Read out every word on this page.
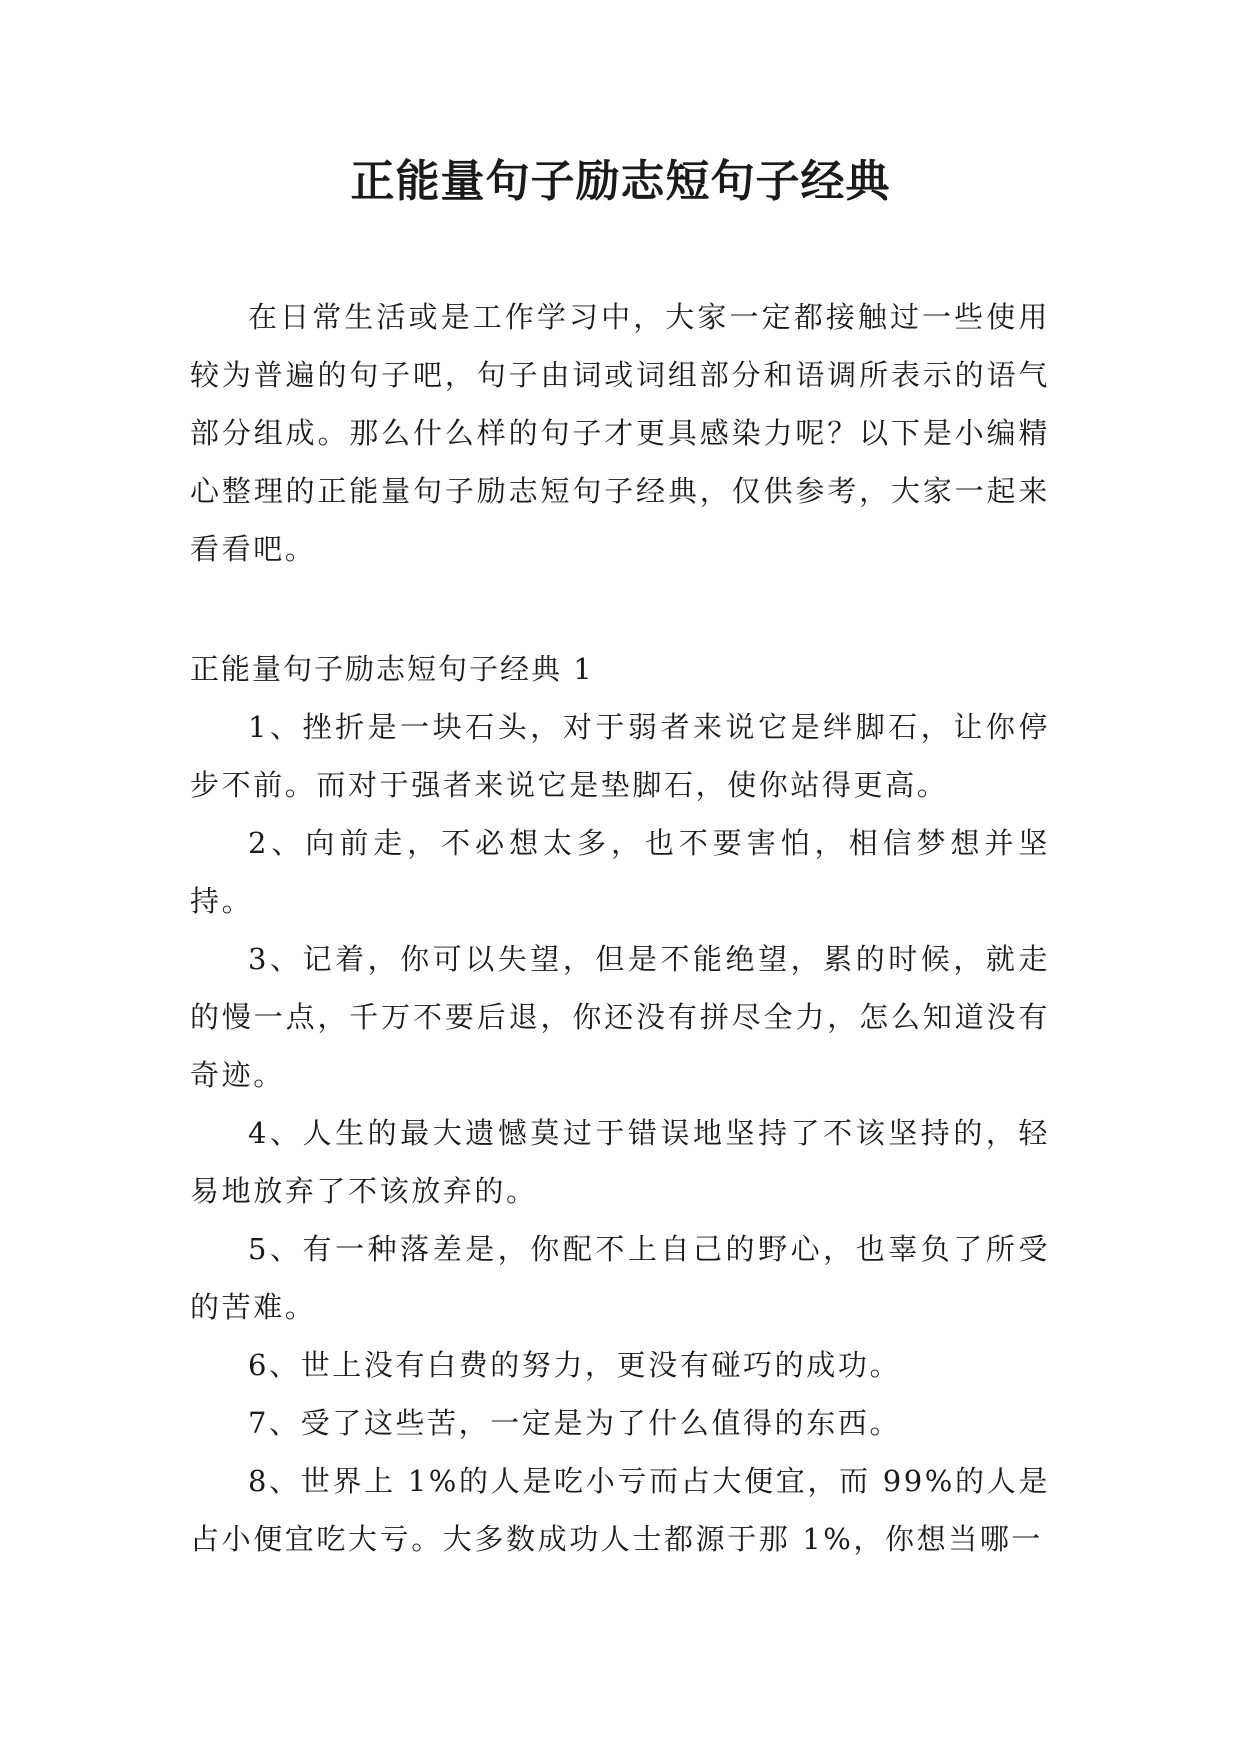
正能量句子励志短句子经典

在日常生活或是工作学习中，大家一定都接触过一些使用较为普遍的句子吧，句子由词或词组部分和语调所表示的语气部分组成。那么什么样的句子才更具感染力呢？以下是小编精心整理的正能量句子励志短句子经典，仅供参考，大家一起来看看吧。

正能量句子励志短句子经典 1

1、挫折是一块石头，对于弱者来说它是绊脚石，让你停步不前。而对于强者来说它是垫脚石，使你站得更高。

2、向前走，不必想太多，也不要害怕，相信梦想并坚持。

3、记着，你可以失望，但是不能绝望，累的时候，就走的慢一点，千万不要后退，你还没有拼尽全力，怎么知道没有奇迹。

4、人生的最大遗憾莫过于错误地坚持了不该坚持的，轻易地放弃了不该放弃的。

5、有一种落差是，你配不上自己的野心，也辜负了所受的苦难。

6、世上没有白费的努力，更没有碰巧的成功。

7、受了这些苦，一定是为了什么值得的东西。

8、世界上 1%的人是吃小亏而占大便宜，而 99%的人是占小便宜吃大亏。大多数成功人士都源于那 1%，你想当哪一
